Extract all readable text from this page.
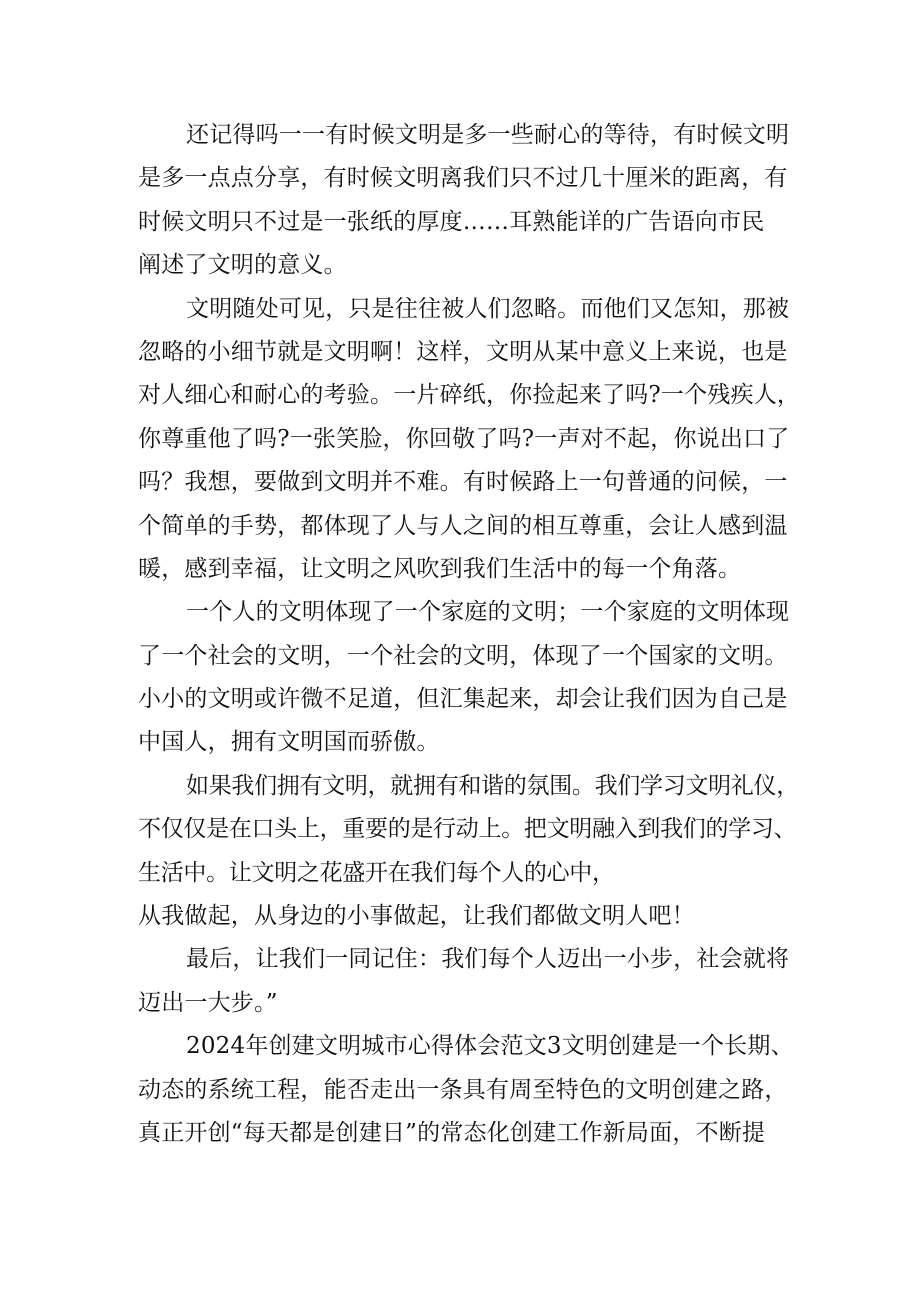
还记得吗一一有时候文明是多一些耐心的等待，有时候文明
是多一点点分享，有时候文明离我们只不过几十厘米的距离，有
时候文明只不过是一张纸的厚度……耳熟能详的广告语向市民
阐述了文明的意义。
文明随处可见，只是往往被人们忽略。而他们又怎知，那被
忽略的小细节就是文明啊！这样，文明从某中意义上来说，也是
对人细心和耐心的考验。一片碎纸，你捡起来了吗?一个残疾人，
你尊重他了吗?一张笑脸，你回敬了吗?一声对不起，你说出口了
吗？我想，要做到文明并不难。有时候路上一句普通的问候，一
个简单的手势，都体现了人与人之间的相互尊重，会让人感到温
暖，感到幸福，让文明之风吹到我们生活中的每一个角落。
一个人的文明体现了一个家庭的文明；一个家庭的文明体现
了一个社会的文明，一个社会的文明，体现了一个国家的文明。
小小的文明或许微不足道，但汇集起来，却会让我们因为自己是
中国人，拥有文明国而骄傲。
如果我们拥有文明，就拥有和谐的氛围。我们学习文明礼仪，
不仅仅是在口头上，重要的是行动上。把文明融入到我们的学习、
生活中。让文明之花盛开在我们每个人的心中，
从我做起，从身边的小事做起，让我们都做文明人吧！
最后，让我们一同记住：我们每个人迈出一小步，社会就将
迈出一大步。”
2024年创建文明城市心得体会范文3文明创建是一个长期、
动态的系统工程，能否走出一条具有周至特色的文明创建之路，
真正开创“每天都是创建日”的常态化创建工作新局面，不断提
